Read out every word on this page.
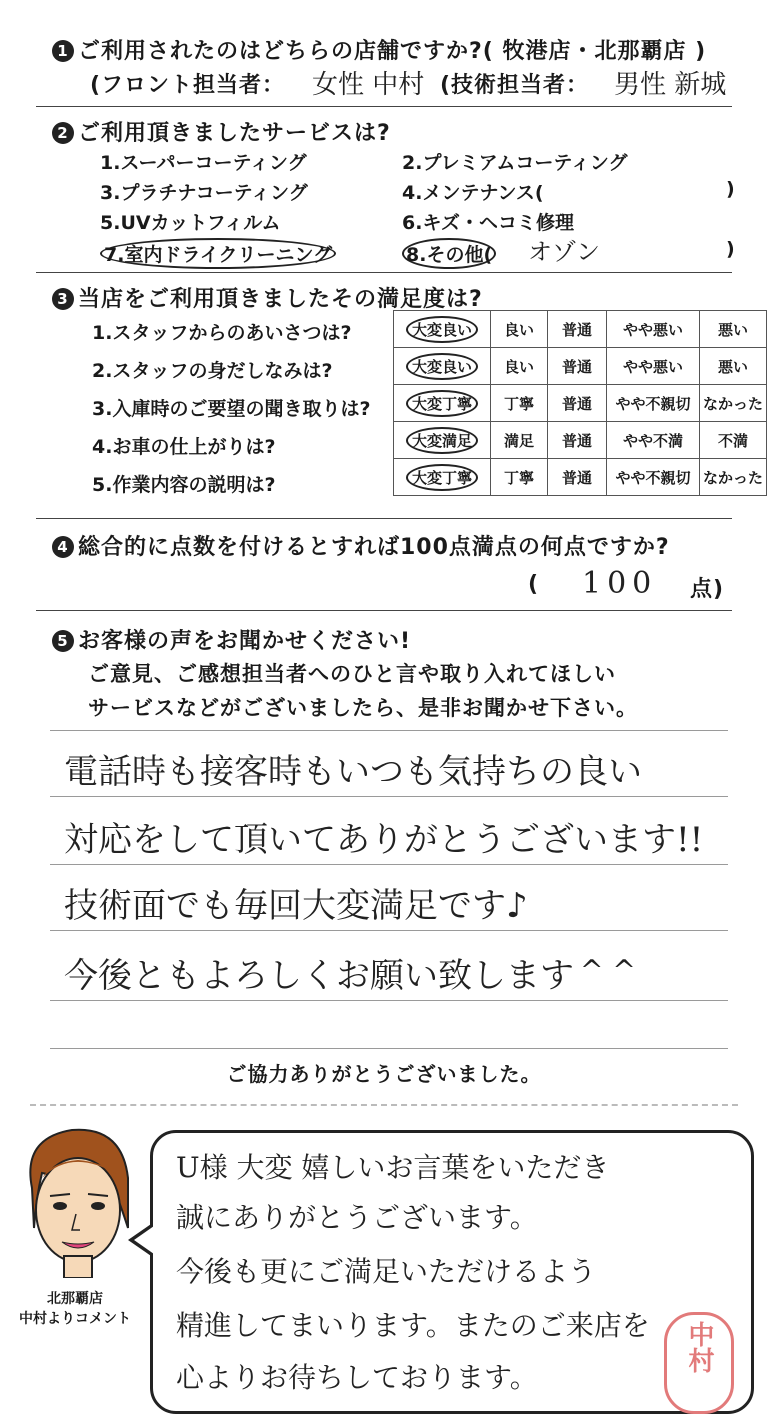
1 ご利用されたのはどちらの店舗ですか?( 牧港店・北那覇店 )
(フロント担当者： 女性 中村 (技術担当者： 男性 新城
2 ご利用頂きましたサービスは?
1.スーパーコーティング	2.プレミアムコーティング
3.プラチナコーティング	4.メンテナンス(	)
5.UVカットフィルム	6.キズ・ヘコミ修理
7.室内ドライクリーニング	8.その他( オゾン	)
3 当店をご利用頂きましたその満足度は?
1.スタッフからのあいさつは?
2.スタッフの身だしなみは?
3.入庫時のご要望の聞き取りは?
4.お車の仕上がりは?
5.作業内容の説明は?
大変良い	良い	普通	やや悪い	悪い
大変良い	良い	普通	やや悪い	悪い
大変丁寧	丁寧	普通	やや不親切	なかった
大変満足	満足	普通	やや不満	不満
大変丁寧	丁寧	普通	やや不親切	なかった
4 総合的に点数を付けるとすれば100点満点の何点ですか?
( 100 点)
5 お客様の声をお聞かせください!
ご意見、ご感想担当者へのひと言や取り入れてほしい
サービスなどがございましたら、是非お聞かせ下さい。
電話時も接客時もいつも気持ちの良い
対応をして頂いてありがとうございます!!
技術面でも毎回大変満足です♪
今後ともよろしくお願い致します ^ ^
ご協力ありがとうございました。
北那覇店
中村よりコメント
U様 大変 嬉しいお言葉をいただき
誠にありがとうございます。
今後も更にご満足いただけるよう
精進してまいります。またのご来店を
心よりお待ちしております。
中村
